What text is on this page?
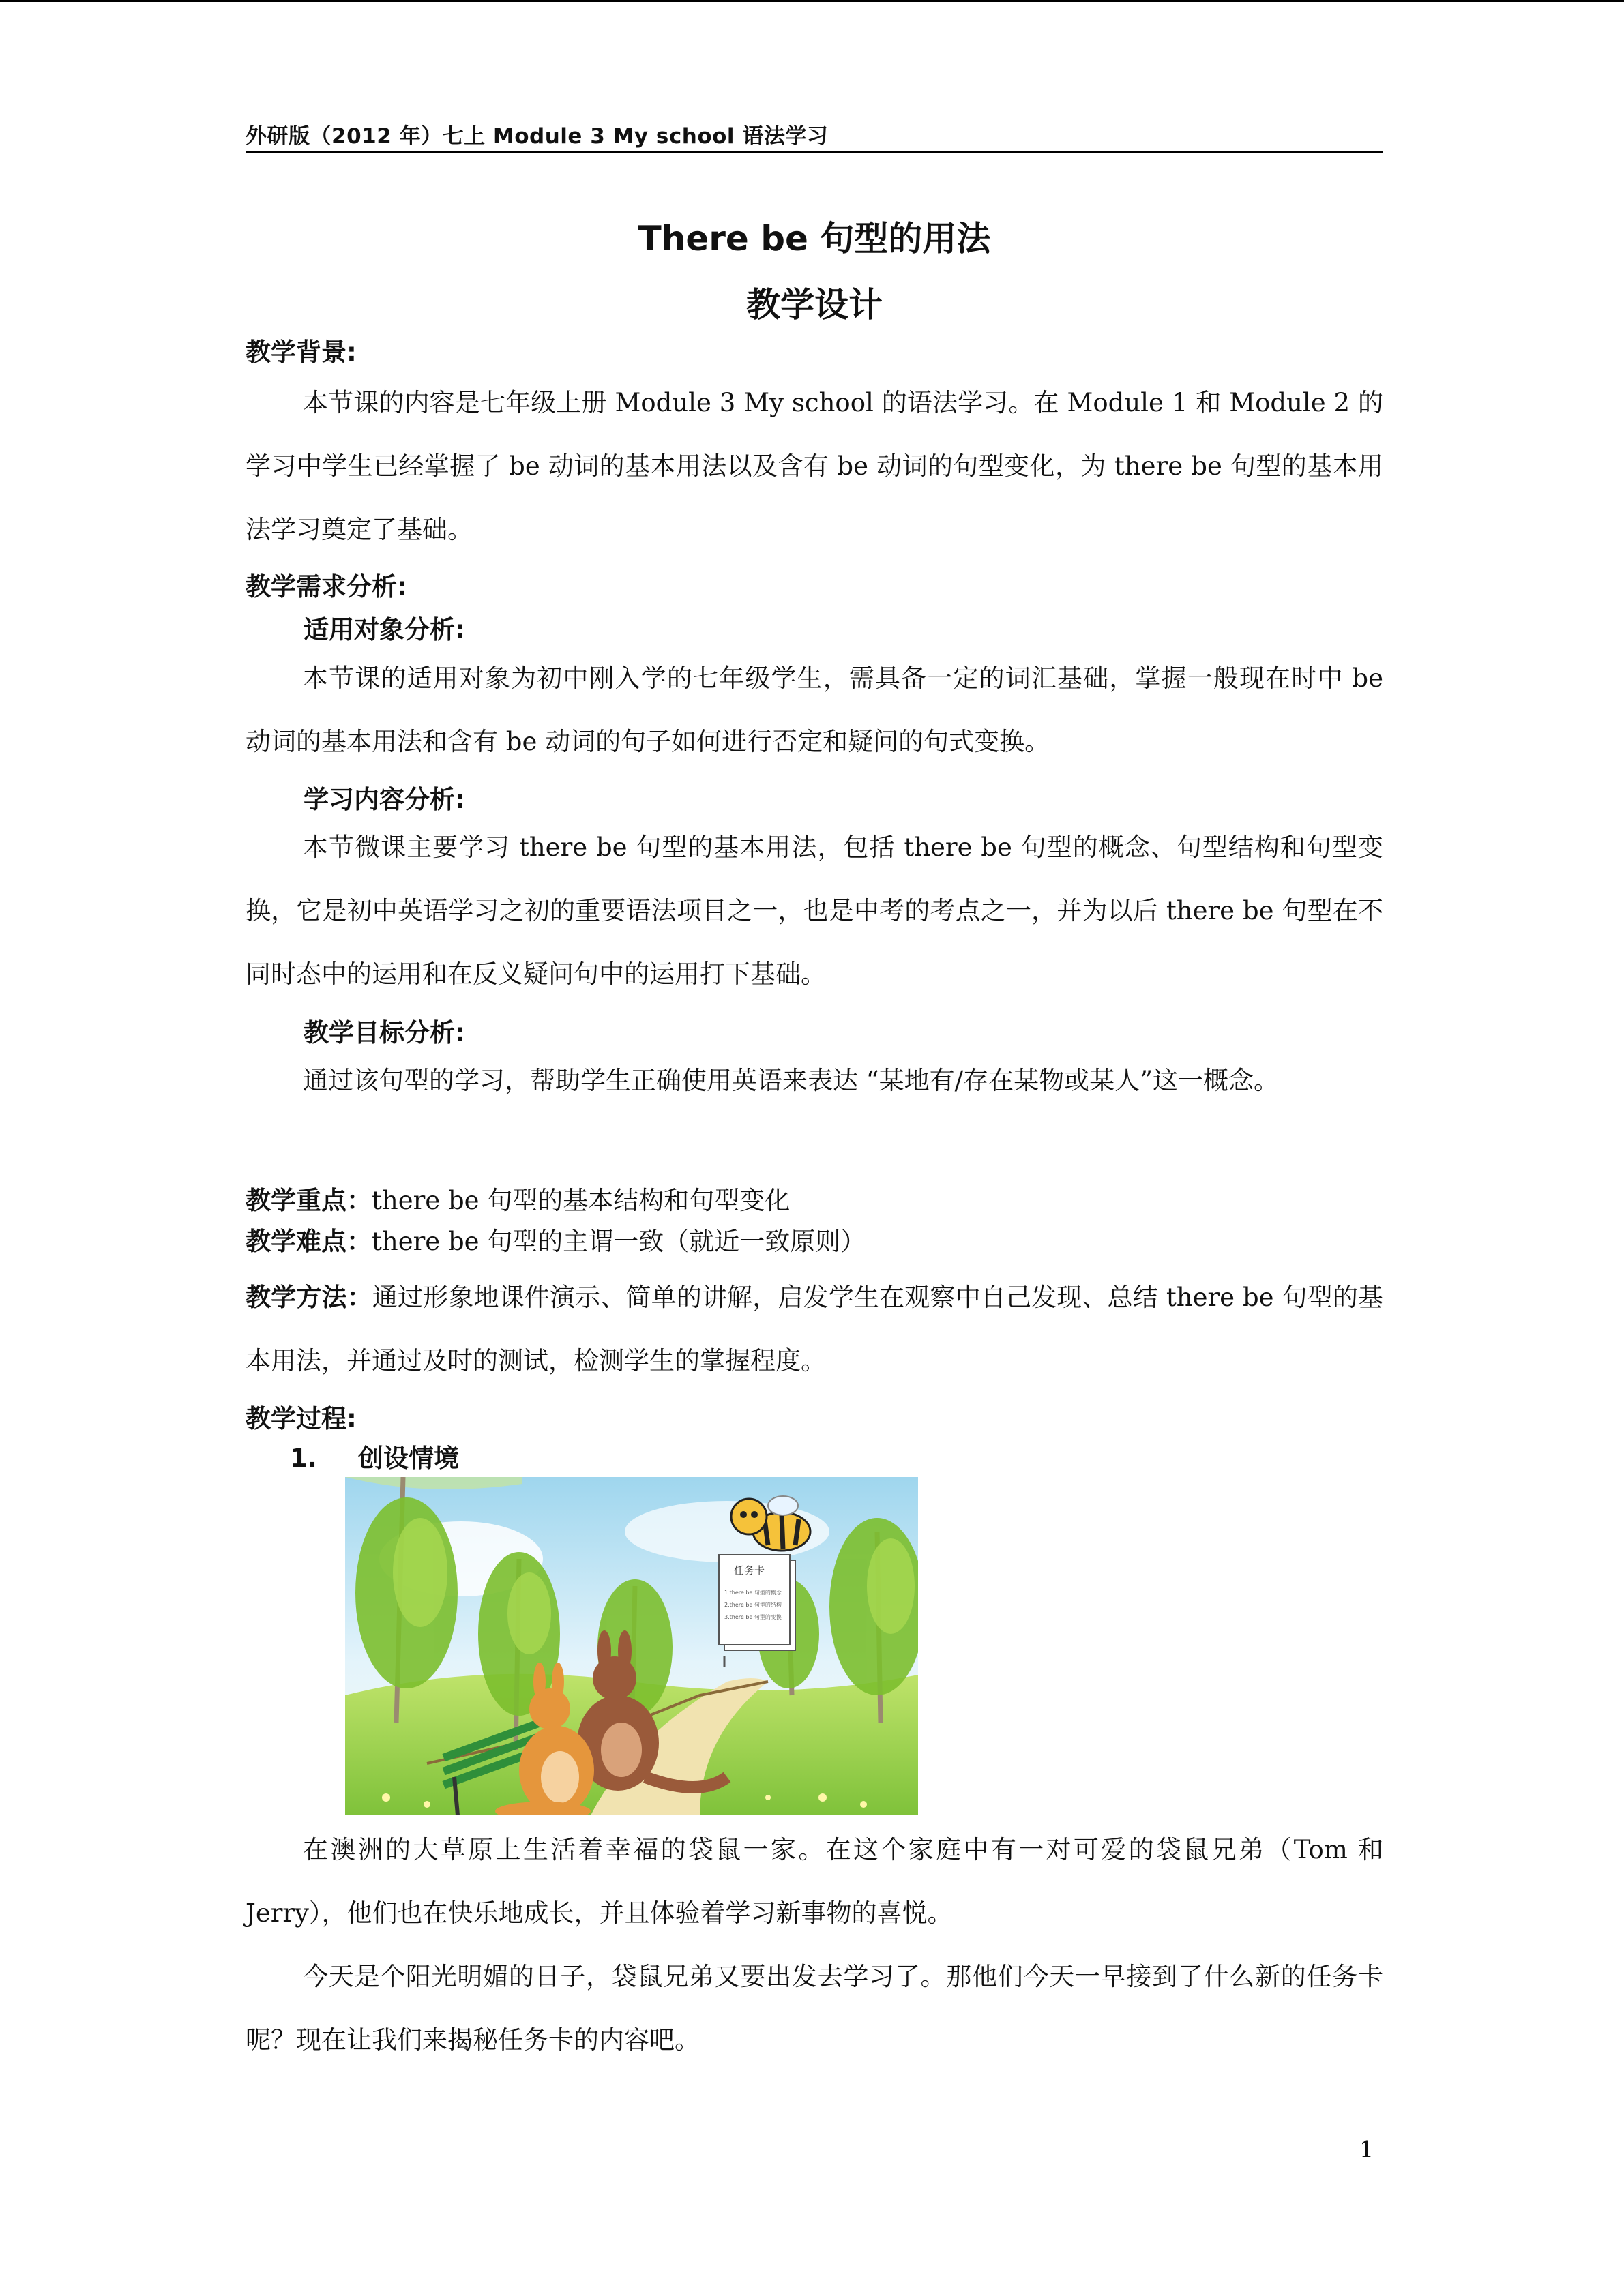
外研版（2012 年）七上 Module 3 My school 语法学习
There be 句型的用法
教学设计
教学背景:

本节课的内容是七年级上册 Module 3 My school 的语法学习。在 Module 1 和 Module 2 的学习中学生已经掌握了 be 动词的基本用法以及含有 be 动词的句型变化，为 there be 句型的基本用法学习奠定了基础。

教学需求分析:
适用对象分析:

本节课的适用对象为初中刚入学的七年级学生，需具备一定的词汇基础，掌握一般现在时中 be 动词的基本用法和含有 be 动词的句子如何进行否定和疑问的句式变换。

学习内容分析:

本节微课主要学习 there be 句型的基本用法，包括 there be 句型的概念、句型结构和句型变换，它是初中英语学习之初的重要语法项目之一，也是中考的考点之一，并为以后 there be 句型在不同时态中的运用和在反义疑问句中的运用打下基础。

教学目标分析:

通过该句型的学习，帮助学生正确使用英语来表达 “某地有/存在某物或某人”这一概念。

教学重点：there be 句型的基本结构和句型变化

教学难点：there be 句型的主谓一致（就近一致原则）

教学方法：通过形象地课件演示、简单的讲解，启发学生在观察中自己发现、总结 there be 句型的基本用法，并通过及时的测试，检测学生的掌握程度。

教学过程:
1. 创设情境
任务卡
1.there be 句型的概念
2.there be 句型的结构
3.there be 句型的变换

在澳洲的大草原上生活着幸福的袋鼠一家。在这个家庭中有一对可爱的袋鼠兄弟（Tom 和 Jerry），他们也在快乐地成长，并且体验着学习新事物的喜悦。

今天是个阳光明媚的日子，袋鼠兄弟又要出发去学习了。那他们今天一早接到了什么新的任务卡呢？现在让我们来揭秘任务卡的内容吧。

1
